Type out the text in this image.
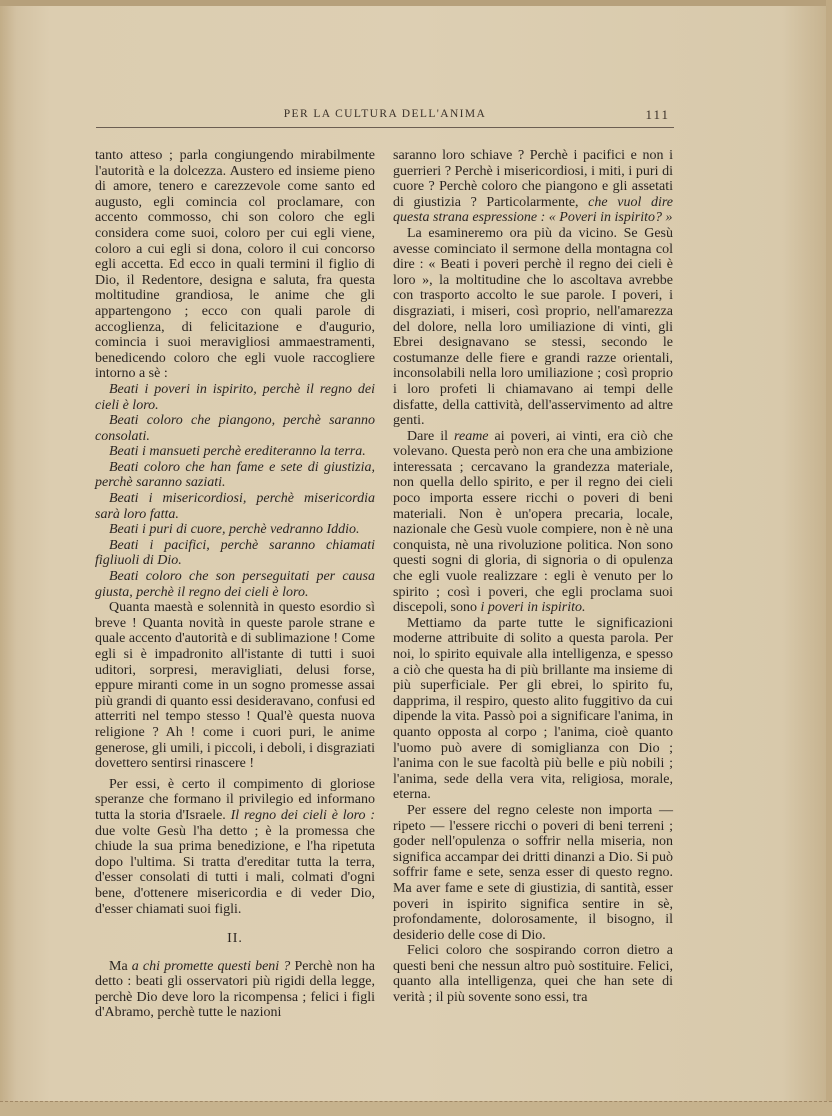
PER LA CULTURA DELL'ANIMA	111

tanto atteso ; parla congiungendo mirabilmente l'autorità e la dolcezza. Austero ed insieme pieno di amore, tenero e carezzevole come santo ed augusto, egli comincia col proclamare, con accento commosso, chi son coloro che egli considera come suoi, coloro per cui egli viene, coloro a cui egli si dona, coloro il cui concorso egli accetta. Ed ecco in quali termini il figlio di Dio, il Redentore, designa e saluta, fra questa moltitudine grandiosa, le anime che gli appartengono ; ecco con quali parole di accoglienza, di felicitazione e d'augurio, comincia i suoi meravigliosi ammaestramenti, benedicendo coloro che egli vuole raccogliere intorno a sè :

Beati i poveri in ispirito, perchè il regno dei cieli è loro.

Beati coloro che piangono, perchè saranno consolati.

Beati i mansueti perchè erediteranno la terra.

Beati coloro che han fame e sete di giustizia, perchè saranno saziati.

Beati i misericordiosi, perchè misericordia sarà loro fatta.

Beati i puri di cuore, perchè vedranno Iddio.

Beati i pacifici, perchè saranno chiamati figliuoli di Dio.

Beati coloro che son perseguitati per causa giusta, perchè il regno dei cieli è loro.

Quanta maestà e solennità in questo esordio sì breve ! Quanta novità in queste parole strane e quale accento d'autorità e di sublimazione ! Come egli si è impadronito all'istante di tutti i suoi uditori, sorpresi, meravigliati, delusi forse, eppure miranti come in un sogno promesse assai più grandi di quanto essi desideravano, confusi ed atterriti nel tempo stesso ! Qual'è questa nuova religione ? Ah ! come i cuori puri, le anime generose, gli umili, i piccoli, i deboli, i disgraziati dovettero sentirsi rinascere !

Per essi, è certo il compimento di gloriose speranze che formano il privilegio ed informano tutta la storia d'Israele. Il regno dei cieli è loro : due volte Gesù l'ha detto ; è la promessa che chiude la sua prima benedizione, e l'ha ripetuta dopo l'ultima. Si tratta d'ereditar tutta la terra, d'esser consolati di tutti i mali, colmati d'ogni bene, d'ottenere misericordia e di veder Dio, d'esser chiamati suoi figli.

II.

Ma a chi promette questi beni ? Perchè non ha detto : beati gli osservatori più rigidi della legge, perchè Dio deve loro la ricompensa ; felici i figli d'Abramo, perchè tutte le nazioni

saranno loro schiave ? Perchè i pacifici e non i guerrieri ? Perchè i misericordiosi, i miti, i puri di cuore ? Perchè coloro che piangono e gli assetati di giustizia ? Particolarmente, che vuol dire questa strana espressione : « Poveri in ispirito? »

La esamineremo ora più da vicino. Se Gesù avesse cominciato il sermone della montagna col dire : « Beati i poveri perchè il regno dei cieli è loro », la moltitudine che lo ascoltava avrebbe con trasporto accolto le sue parole. I poveri, i disgraziati, i miseri, così proprio, nell'amarezza del dolore, nella loro umiliazione di vinti, gli Ebrei designavano se stessi, secondo le costumanze delle fiere e grandi razze orientali, inconsolabili nella loro umiliazione ; così proprio i loro profeti li chiamavano ai tempi delle disfatte, della cattività, dell'asservimento ad altre genti.

Dare il reame ai poveri, ai vinti, era ciò che volevano. Questa però non era che una ambizione interessata ; cercavano la grandezza materiale, non quella dello spirito, e per il regno dei cieli poco importa essere ricchi o poveri di beni materiali. Non è un'opera precaria, locale, nazionale che Gesù vuole compiere, non è nè una conquista, nè una rivoluzione politica. Non sono questi sogni di gloria, di signoria o di opulenza che egli vuole realizzare : egli è venuto per lo spirito ; così i poveri, che egli proclama suoi discepoli, sono i poveri in ispirito.

Mettiamo da parte tutte le significazioni moderne attribuite di solito a questa parola. Per noi, lo spirito equivale alla intelligenza, e spesso a ciò che questa ha di più brillante ma insieme di più superficiale. Per gli ebrei, lo spirito fu, dapprima, il respiro, questo alito fuggitivo da cui dipende la vita. Passò poi a significare l'anima, in quanto opposta al corpo ; l'anima, cioè quanto l'uomo può avere di somiglianza con Dio ; l'anima con le sue facoltà più belle e più nobili ; l'anima, sede della vera vita, religiosa, morale, eterna.

Per essere del regno celeste non importa — ripeto — l'essere ricchi o poveri di beni terreni ; goder nell'opulenza o soffrir nella miseria, non significa accampar dei dritti dinanzi a Dio. Si può soffrir fame e sete, senza esser di questo regno. Ma aver fame e sete di giustizia, di santità, esser poveri in ispirito significa sentire in sè, profondamente, dolorosamente, il bisogno, il desiderio delle cose di Dio.

Felici coloro che sospirando corron dietro a questi beni che nessun altro può sostituire. Felici, quanto alla intelligenza, quei che han sete di verità ; il più sovente sono essi, tra
